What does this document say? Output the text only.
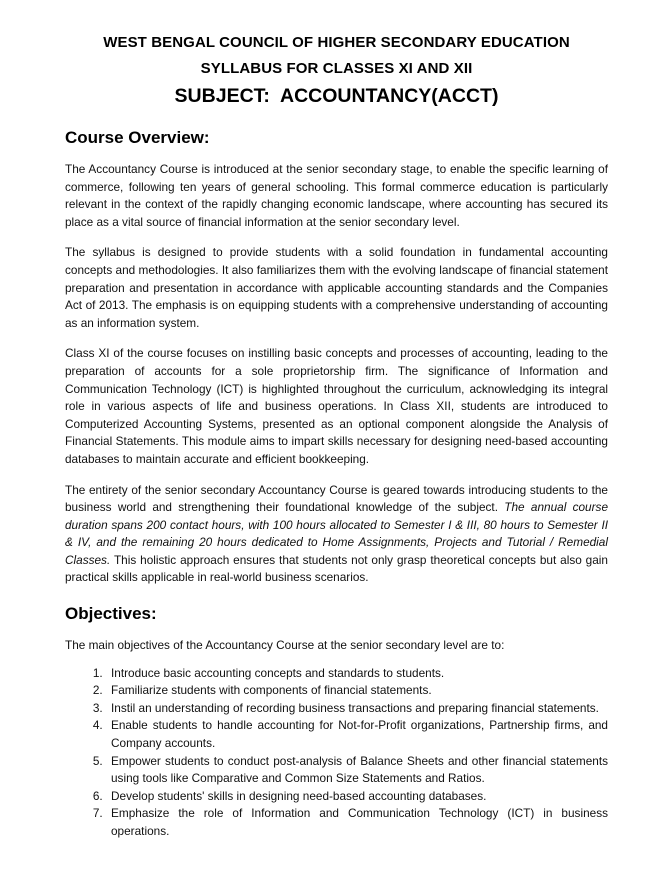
WEST BENGAL COUNCIL OF HIGHER SECONDARY EDUCATION
SYLLABUS FOR CLASSES XI AND XII
SUBJECT:  ACCOUNTANCY(ACCT)
Course Overview:

The Accountancy Course is introduced at the senior secondary stage, to enable the specific learning of commerce, following ten years of general schooling. This formal commerce education is particularly relevant in the context of the rapidly changing economic landscape, where accounting has secured its place as a vital source of financial information at the senior secondary level.

The syllabus is designed to provide students with a solid foundation in fundamental accounting concepts and methodologies. It also familiarizes them with the evolving landscape of financial statement preparation and presentation in accordance with applicable accounting standards and the Companies Act of 2013. The emphasis is on equipping students with a comprehensive understanding of accounting as an information system.

Class XI of the course focuses on instilling basic concepts and processes of accounting, leading to the preparation of accounts for a sole proprietorship firm. The significance of Information and Communication Technology (ICT) is highlighted throughout the curriculum, acknowledging its integral role in various aspects of life and business operations. In Class XII, students are introduced to Computerized Accounting Systems, presented as an optional component alongside the Analysis of Financial Statements. This module aims to impart skills necessary for designing need-based accounting databases to maintain accurate and efficient bookkeeping.

The entirety of the senior secondary Accountancy Course is geared towards introducing students to the business world and strengthening their foundational knowledge of the subject. The annual course duration spans 200 contact hours, with 100 hours allocated to Semester I & III, 80 hours to Semester II & IV, and the remaining 20 hours dedicated to Home Assignments, Projects and Tutorial / Remedial Classes. This holistic approach ensures that students not only grasp theoretical concepts but also gain practical skills applicable in real-world business scenarios.

Objectives:

The main objectives of the Accountancy Course at the senior secondary level are to:

1. Introduce basic accounting concepts and standards to students.
2. Familiarize students with components of financial statements.
3. Instil an understanding of recording business transactions and preparing financial statements.
4. Enable students to handle accounting for Not-for-Profit organizations, Partnership firms, and Company accounts.
5. Empower students to conduct post-analysis of Balance Sheets and other financial statements using tools like Comparative and Common Size Statements and Ratios.
6. Develop students' skills in designing need-based accounting databases.
7. Emphasize the role of Information and Communication Technology (ICT) in business operations.
